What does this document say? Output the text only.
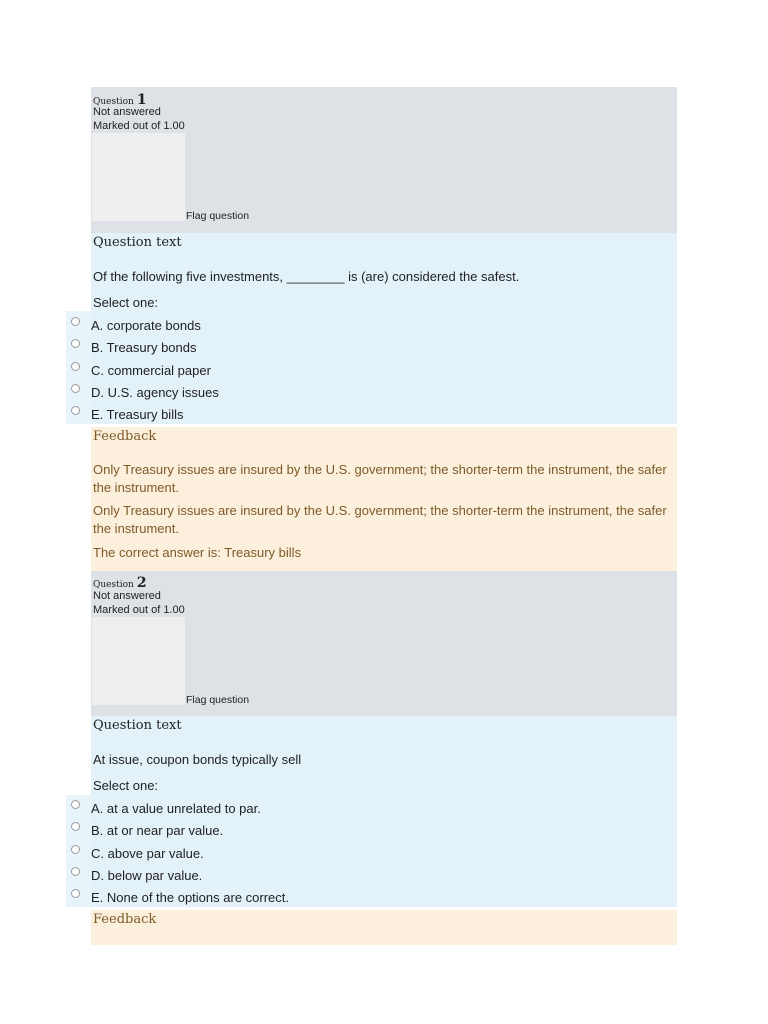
Question 1
Not answered
Marked out of 1.00
Flag question
Question text
Of the following five investments, ________ is (are) considered the safest.
Select one:
A. corporate bonds
B. Treasury bonds
C. commercial paper
D. U.S. agency issues
E. Treasury bills
Feedback
Only Treasury issues are insured by the U.S. government; the shorter-term the instrument, the safer the instrument.
Only Treasury issues are insured by the U.S. government; the shorter-term the instrument, the safer the instrument.
The correct answer is: Treasury bills
Question 2
Not answered
Marked out of 1.00
Flag question
Question text
At issue, coupon bonds typically sell
Select one:
A. at a value unrelated to par.
B. at or near par value.
C. above par value.
D. below par value.
E. None of the options are correct.
Feedback
